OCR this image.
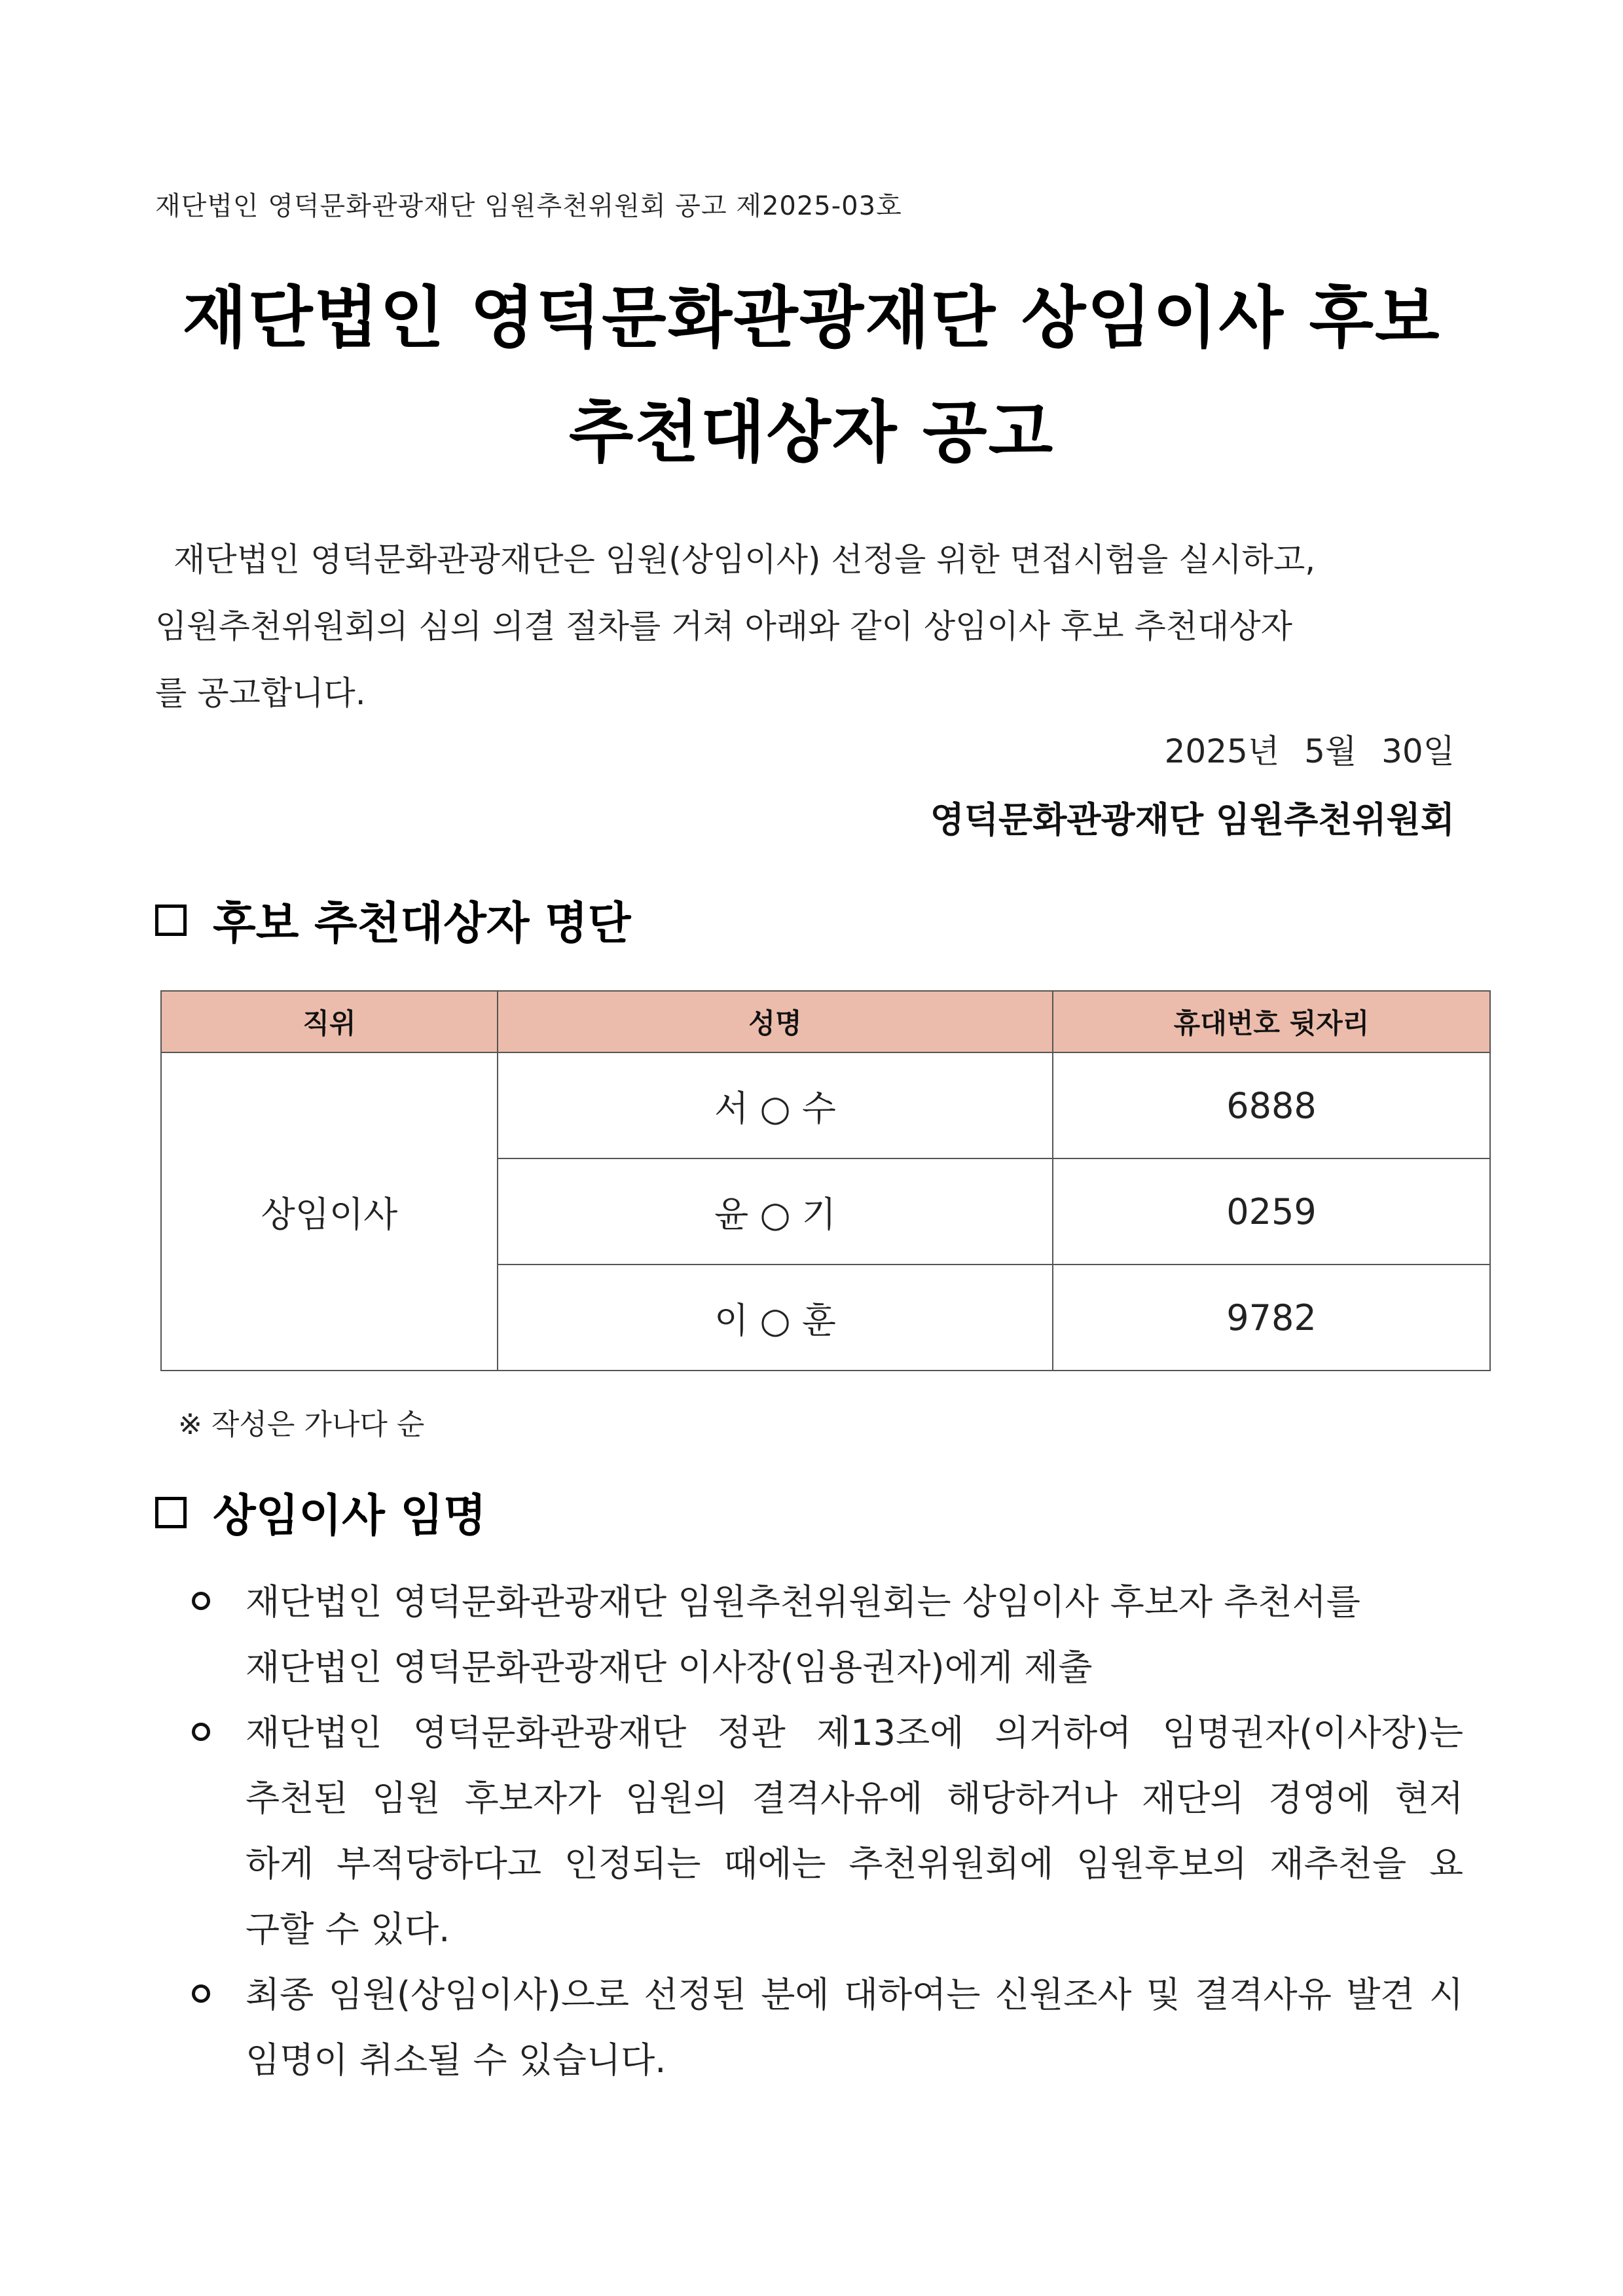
재단법인 영덕문화관광재단 임원추천위원회 공고 제2025-03호
재단법인 영덕문화관광재단 상임이사 후보
추천대상자 공고
재단법인 영덕문화관광재단은 임원(상임이사) 선정을 위한 면접시험을 실시하고,
임원추천위원회의 심의 의결 절차를 거쳐 아래와 같이 상임이사 후보 추천대상자
를 공고합니다.
2025년 5월 30일
영덕문화관광재단 임원추천위원회
후보 추천대상자 명단
직위	성명	휴대번호 뒷자리
상임이사	서 ○ 수	6888
	윤 ○ 기	0259
	이 ○ 훈	9782
※ 작성은 가나다 순
상임이사 임명
재단법인 영덕문화관광재단 임원추천위원회는 상임이사 후보자 추천서를
재단법인 영덕문화관광재단 이사장(임용권자)에게 제출
재단법인 영덕문화관광재단 정관 제13조에 의거하여 임명권자(이사장)는
추천된 임원 후보자가 임원의 결격사유에 해당하거나 재단의 경영에 현저
하게 부적당하다고 인정되는 때에는 추천위원회에 임원후보의 재추천을 요
구할 수 있다.
최종 임원(상임이사)으로 선정된 분에 대하여는 신원조사 및 결격사유 발견 시
임명이 취소될 수 있습니다.
